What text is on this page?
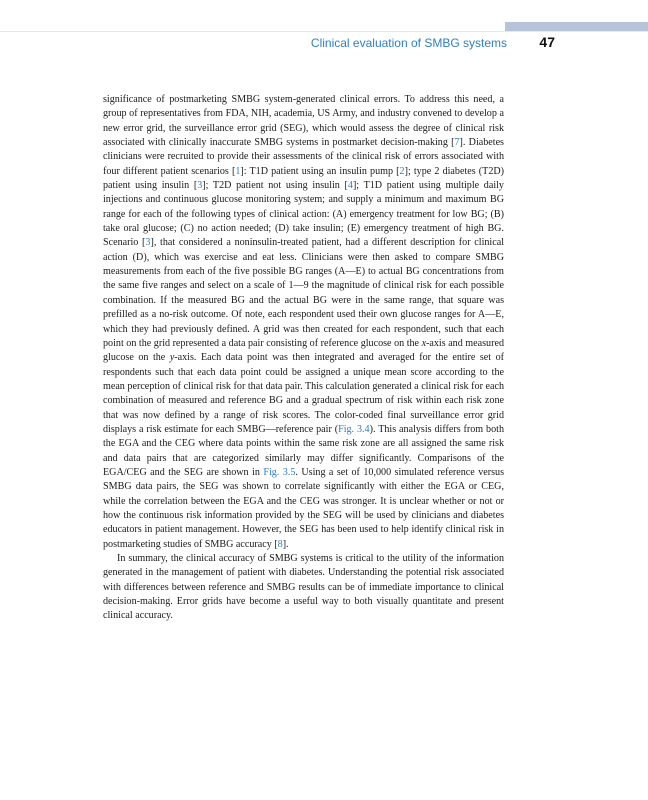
Clinical evaluation of SMBG systems	47

significance of postmarketing SMBG system-generated clinical errors. To address this need, a group of representatives from FDA, NIH, academia, US Army, and industry convened to develop a new error grid, the surveillance error grid (SEG), which would assess the degree of clinical risk associated with clinically inaccurate SMBG systems in postmarket decision-making [7]. Diabetes clinicians were recruited to provide their assessments of the clinical risk of errors associated with four different patient scenarios [1]: T1D patient using an insulin pump [2]; type 2 diabetes (T2D) patient using insulin [3]; T2D patient not using insulin [4]; T1D patient using multiple daily injections and continuous glucose monitoring system; and supply a minimum and maximum BG range for each of the following types of clinical action: (A) emergency treatment for low BG; (B) take oral glucose; (C) no action needed; (D) take insulin; (E) emergency treatment of high BG. Scenario [3], that considered a noninsulin-treated patient, had a different description for clinical action (D), which was exercise and eat less. Clinicians were then asked to compare SMBG measurements from each of the five possible BG ranges (A—E) to actual BG concentrations from the same five ranges and select on a scale of 1—9 the magnitude of clinical risk for each possible combination. If the measured BG and the actual BG were in the same range, that square was prefilled as a no-risk outcome. Of note, each respondent used their own glucose ranges for A—E, which they had previously defined. A grid was then created for each respondent, such that each point on the grid represented a data pair consisting of reference glucose on the x-axis and measured glucose on the y-axis. Each data point was then integrated and averaged for the entire set of respondents such that each data point could be assigned a unique mean score according to the mean perception of clinical risk for that data pair. This calculation generated a clinical risk for each combination of measured and reference BG and a gradual spectrum of risk within each risk zone that was now defined by a range of risk scores. The color-coded final surveillance error grid displays a risk estimate for each SMBG—reference pair (Fig. 3.4). This analysis differs from both the EGA and the CEG where data points within the same risk zone are all assigned the same risk and data pairs that are categorized similarly may differ significantly. Comparisons of the EGA/CEG and the SEG are shown in Fig. 3.5. Using a set of 10,000 simulated reference versus SMBG data pairs, the SEG was shown to correlate significantly with either the EGA or CEG, while the correlation between the EGA and the CEG was stronger. It is unclear whether or not or how the continuous risk information provided by the SEG will be used by clinicians and diabetes educators in patient management. However, the SEG has been used to help identify clinical risk in postmarketing studies of SMBG accuracy [8].

In summary, the clinical accuracy of SMBG systems is critical to the utility of the information generated in the management of patient with diabetes. Understanding the potential risk associated with differences between reference and SMBG results can be of immediate importance to clinical decision-making. Error grids have become a useful way to both visually quantitate and present clinical accuracy.
